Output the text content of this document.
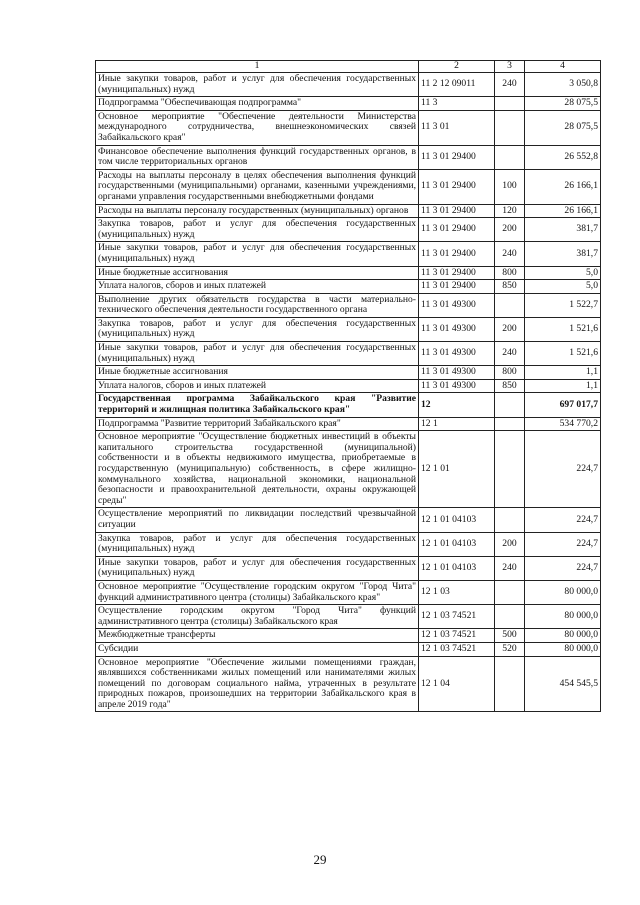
1	2	3	4
Иные закупки товаров, работ и услуг для обеспечения государственных (муниципальных) нужд	11 2 12 09011	240	3 050,8
Подпрограмма "Обеспечивающая подпрограмма"	11 3		28 075,5
Основное мероприятие "Обеспечение деятельности Министерства международного сотрудничества, внешнеэкономических связей Забайкальского края"	11 3 01		28 075,5
Финансовое обеспечение выполнения функций государственных органов, в том числе территориальных органов	11 3 01 29400		26 552,8
Расходы на выплаты персоналу в целях обеспечения выполнения функций государственными (муниципальными) органами, казенными учреждениями, органами управления государственными внебюджетными фондами	11 3 01 29400	100	26 166,1
Расходы на выплаты персоналу государственных (муниципальных) органов	11 3 01 29400	120	26 166,1
Закупка товаров, работ и услуг для обеспечения государственных (муниципальных) нужд	11 3 01 29400	200	381,7
Иные закупки товаров, работ и услуг для обеспечения государственных (муниципальных) нужд	11 3 01 29400	240	381,7
Иные бюджетные ассигнования	11 3 01 29400	800	5,0
Уплата налогов, сборов и иных платежей	11 3 01 29400	850	5,0
Выполнение других обязательств государства в части материально-технического обеспечения деятельности государственного органа	11 3 01 49300		1 522,7
Закупка товаров, работ и услуг для обеспечения государственных (муниципальных) нужд	11 3 01 49300	200	1 521,6
Иные закупки товаров, работ и услуг для обеспечения государственных (муниципальных) нужд	11 3 01 49300	240	1 521,6
Иные бюджетные ассигнования	11 3 01 49300	800	1,1
Уплата налогов, сборов и иных платежей	11 3 01 49300	850	1,1
Государственная программа Забайкальского края "Развитие территорий и жилищная политика Забайкальского края"	12		697 017,7
Подпрограмма "Развитие территорий Забайкальского края"	12 1		534 770,2
Основное мероприятие "Осуществление бюджетных инвестиций в объекты капитального строительства государственной (муниципальной) собственности и в объекты недвижимого имущества, приобретаемые в государственную (муниципальную) собственность, в сфере жилищно-коммунального хозяйства, национальной экономики, национальной безопасности и правоохранительной деятельности, охраны окружающей среды"	12 1 01		224,7
Осуществление мероприятий по ликвидации последствий чрезвычайной ситуации	12 1 01 04103		224,7
Закупка товаров, работ и услуг для обеспечения государственных (муниципальных) нужд	12 1 01 04103	200	224,7
Иные закупки товаров, работ и услуг для обеспечения государственных (муниципальных) нужд	12 1 01 04103	240	224,7
Основное мероприятие "Осуществление городским округом "Город Чита" функций административного центра (столицы) Забайкальского края"	12 1 03		80 000,0
Осуществление городским округом "Город Чита" функций административного центра (столицы) Забайкальского края	12 1 03 74521		80 000,0
Межбюджетные трансферты	12 1 03 74521	500	80 000,0
Субсидии	12 1 03 74521	520	80 000,0
Основное мероприятие "Обеспечение жилыми помещениями граждан, являвшихся собственниками жилых помещений или нанимателями жилых помещений по договорам социального найма, утраченных в результате природных пожаров, произошедших на территории Забайкальского края в апреле 2019 года"	12 1 04		454 545,5
29
